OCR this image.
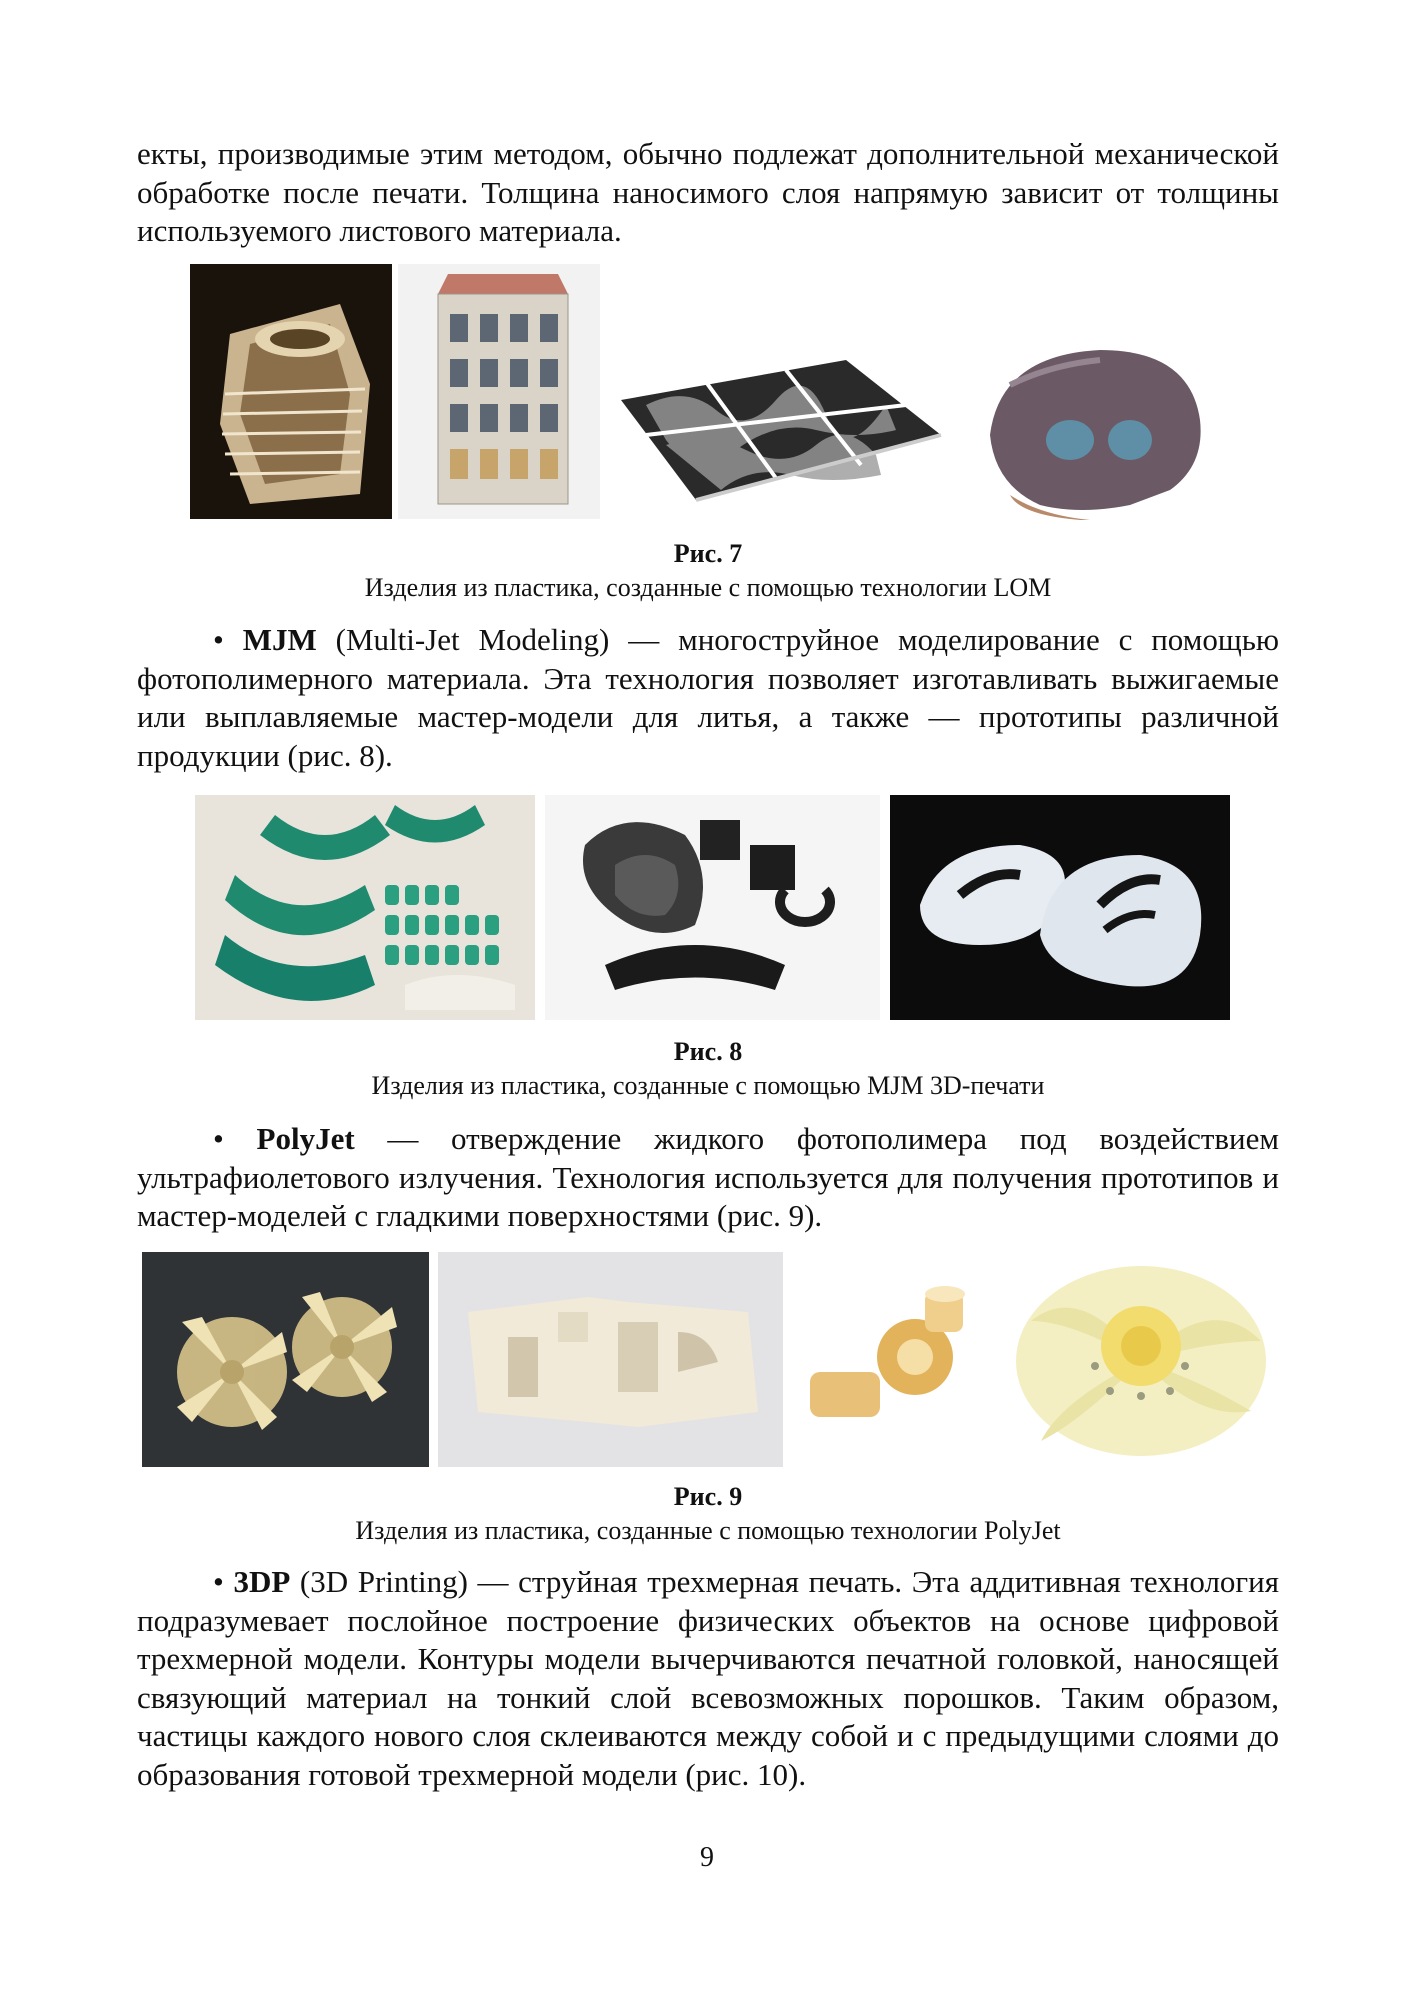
екты, производимые этим методом, обычно подлежат дополнительной механической обработке после печати. Толщина наносимого слоя напрямую зависит от толщины используемого листового материала.

Рис. 7

Изделия из пластика, созданные с помощью технологии LOM

• MJM (Multi-Jet Modeling) — многоструйное моделирование с помощью фотополимерного материала. Эта технология позволяет изготавливать выжигаемые или выплавляемые мастер-модели для литья, а также — прототипы различной продукции (рис. 8).

Рис. 8

Изделия из пластика, созданные с помощью MJM 3D-печати

• PolyJet — отверждение жидкого фотополимера под воздействием ультрафиолетового излучения. Технология используется для получения прототипов и мастер-моделей с гладкими поверхностями (рис. 9).

Рис. 9

Изделия из пластика, созданные с помощью технологии PolyJet

• 3DP (3D Printing) — струйная трехмерная печать. Эта аддитивная технология подразумевает послойное построение физических объектов на основе цифровой трехмерной модели. Контуры модели вычерчиваются печатной головкой, наносящей связующий материал на тонкий слой всевозможных порошков. Таким образом, частицы каждого нового слоя склеиваются между собой и с предыдущими слоями до образования готовой трехмерной модели (рис. 10).

9
